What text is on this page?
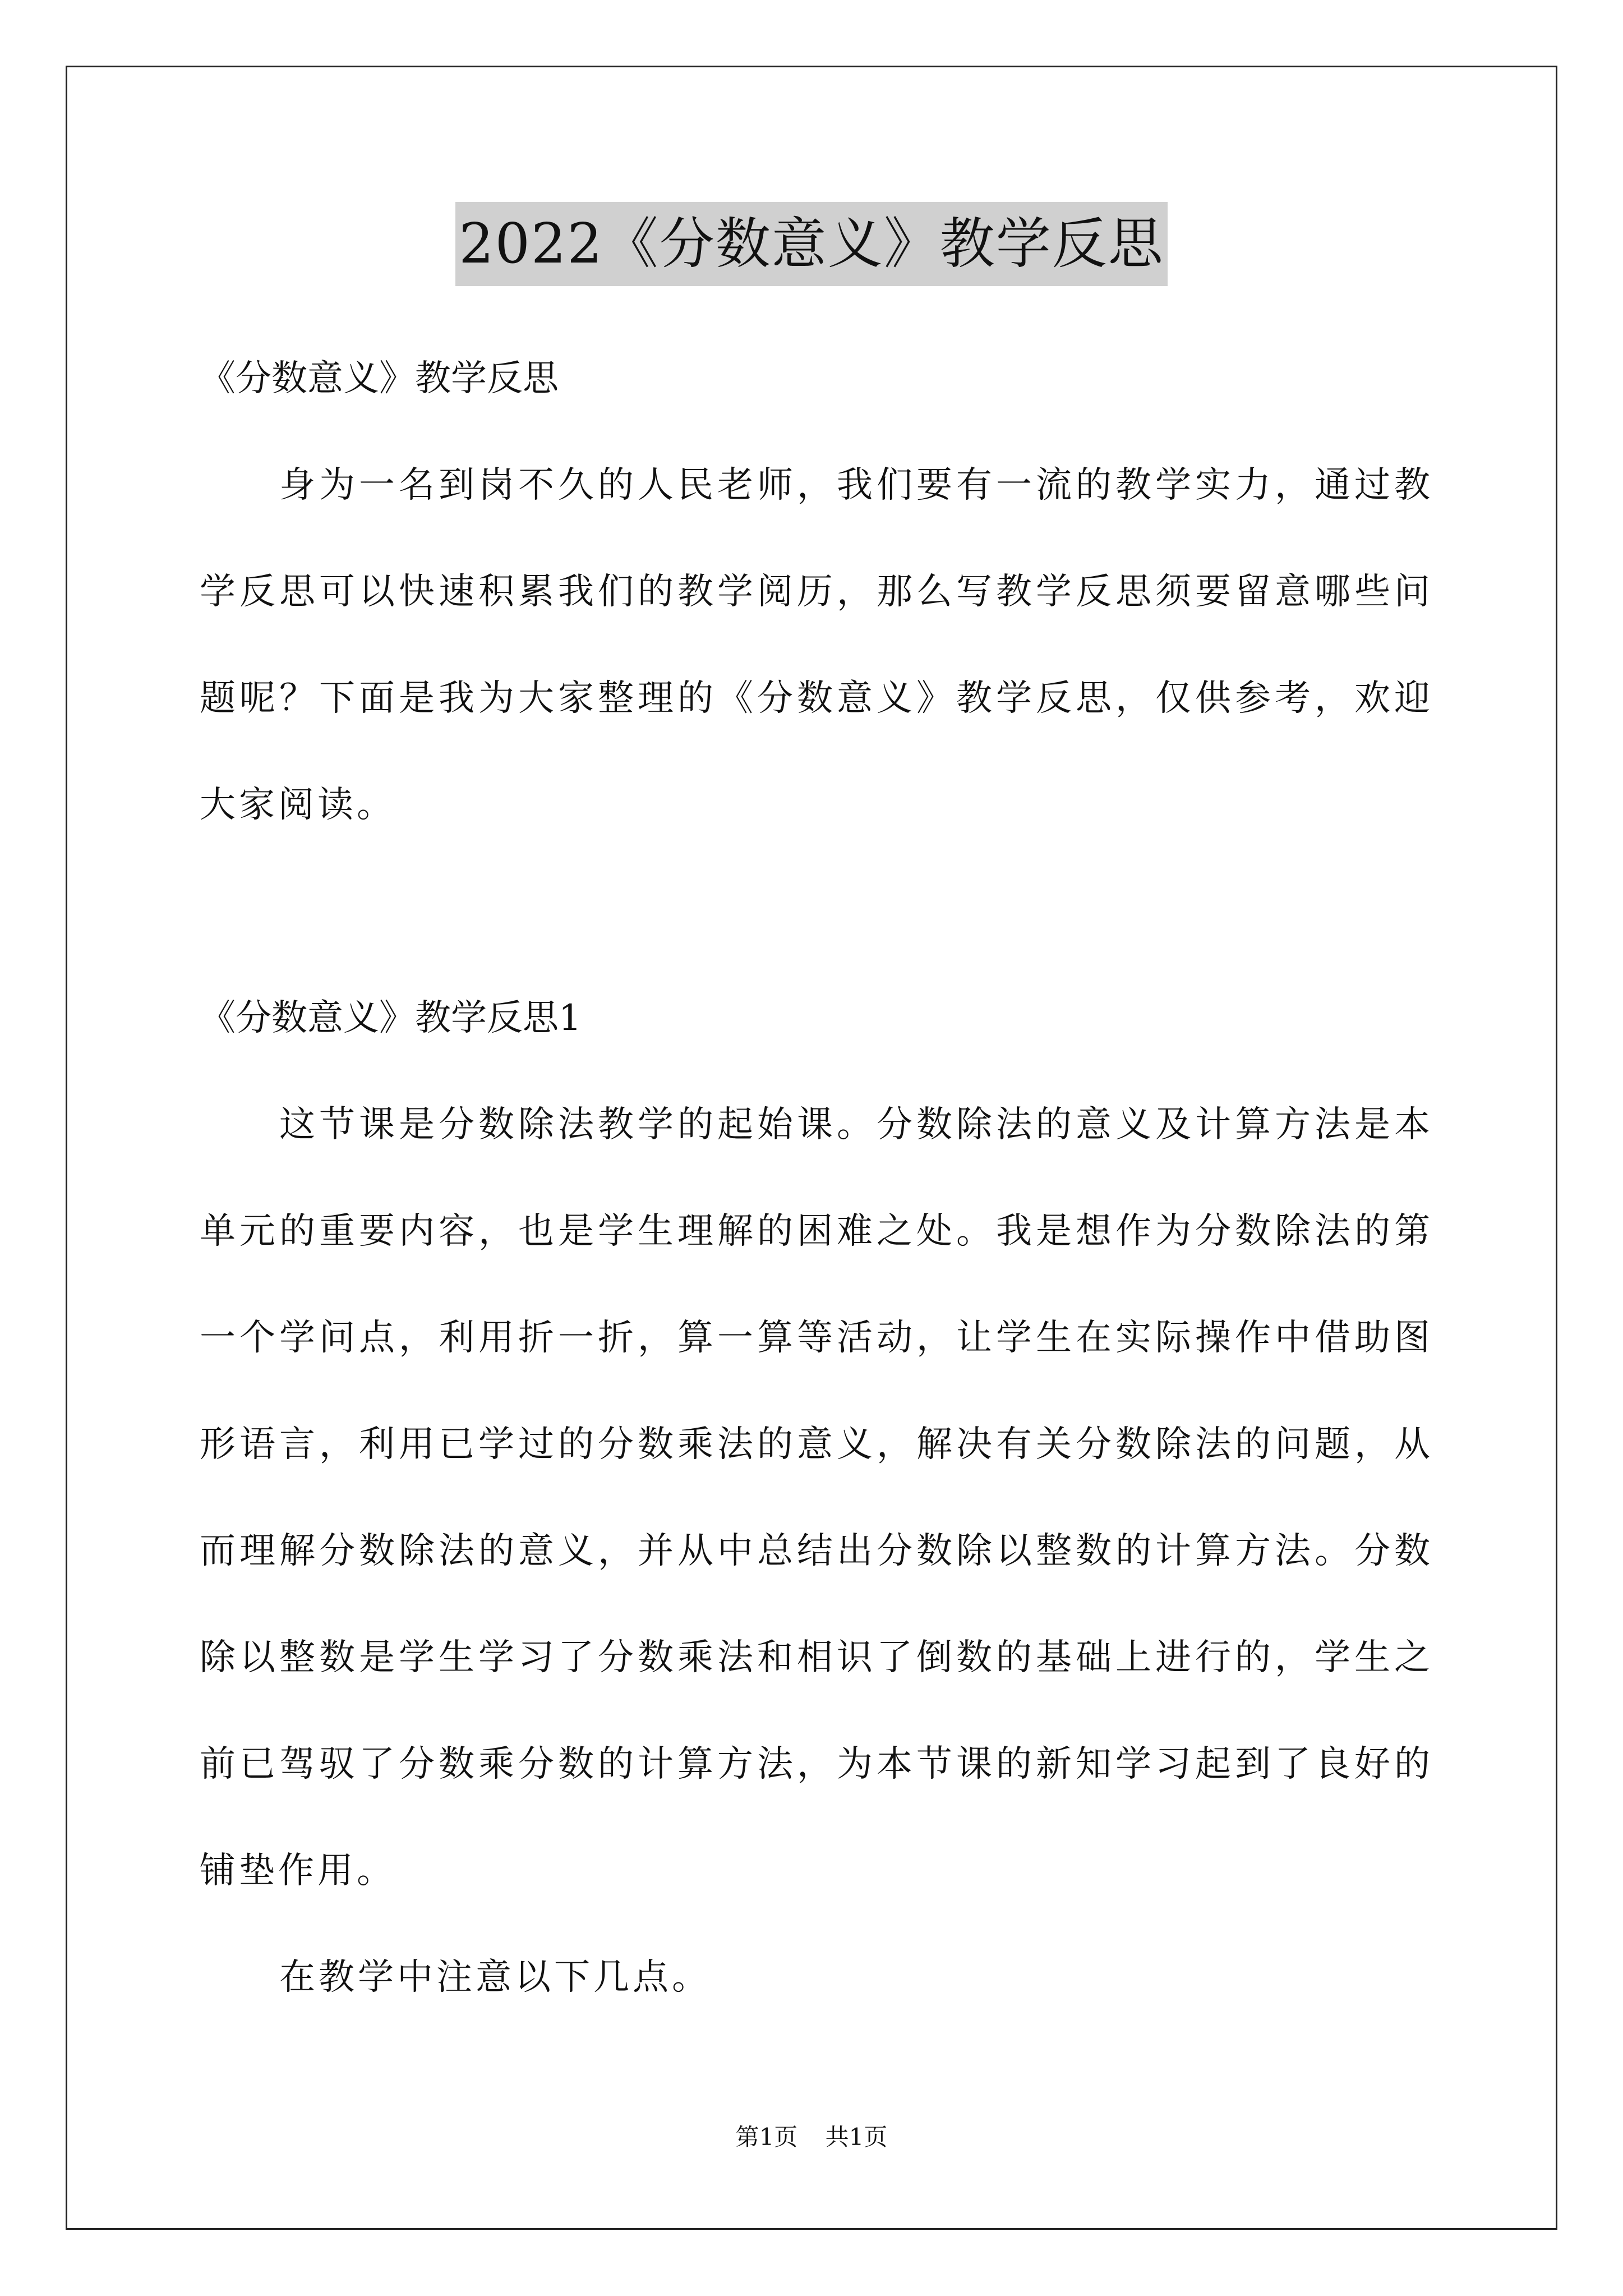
2022《分数意义》教学反思

《分数意义》教学反思

身为一名到岗不久的人民老师，我们要有一流的教学实力，通过教学反思可以快速积累我们的教学阅历，那么写教学反思须要留意哪些问题呢？下面是我为大家整理的《分数意义》教学反思，仅供参考，欢迎大家阅读。

《分数意义》教学反思1

这节课是分数除法教学的起始课。分数除法的意义及计算方法是本单元的重要内容，也是学生理解的困难之处。我是想作为分数除法的第一个学问点，利用折一折，算一算等活动，让学生在实际操作中借助图形语言，利用已学过的分数乘法的意义，解决有关分数除法的问题，从而理解分数除法的意义，并从中总结出分数除以整数的计算方法。分数除以整数是学生学习了分数乘法和相识了倒数的基础上进行的，学生之前已驾驭了分数乘分数的计算方法，为本节课的新知学习起到了良好的铺垫作用。

在教学中注意以下几点。

第1页 共1页
